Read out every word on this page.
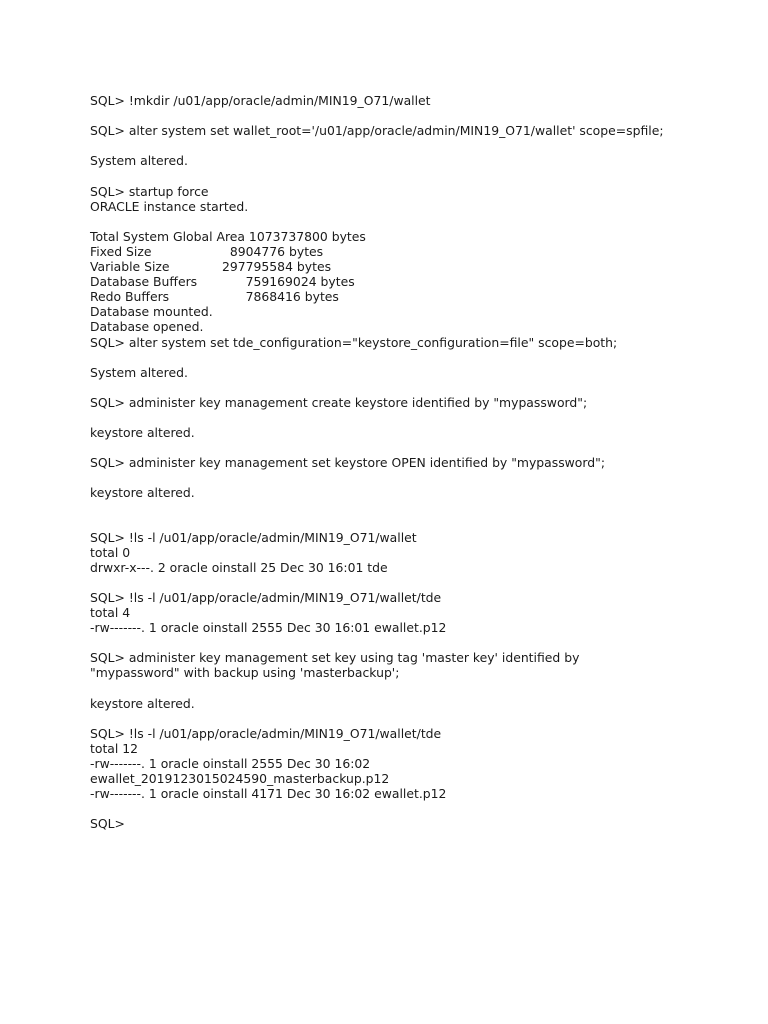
SQL> !mkdir /u01/app/oracle/admin/MIN19_O71/wallet
SQL> alter system set wallet_root='/u01/app/oracle/admin/MIN19_O71/wallet' scope=spfile;
System altered.
SQL> startup force
ORACLE instance started.
Total System Global Area 1073737800 bytes
Fixed Size	8904776 bytes
Variable Size	297795584 bytes
Database Buffers	759169024 bytes
Redo Buffers	7868416 bytes
Database mounted.
Database opened.
SQL> alter system set tde_configuration="keystore_configuration=file" scope=both;
System altered.
SQL> administer key management create keystore identified by "mypassword";
keystore altered.
SQL> administer key management set keystore OPEN identified by "mypassword";
keystore altered.
SQL> !ls -l /u01/app/oracle/admin/MIN19_O71/wallet
total 0
drwxr-x---. 2 oracle oinstall 25 Dec 30 16:01 tde
SQL> !ls -l /u01/app/oracle/admin/MIN19_O71/wallet/tde
total 4
-rw-------. 1 oracle oinstall 2555 Dec 30 16:01 ewallet.p12
SQL> administer key management set key using tag 'master key' identified by
"mypassword" with backup using 'masterbackup';
keystore altered.
SQL> !ls -l /u01/app/oracle/admin/MIN19_O71/wallet/tde
total 12
-rw-------. 1 oracle oinstall 2555 Dec 30 16:02
ewallet_2019123015024590_masterbackup.p12
-rw-------. 1 oracle oinstall 4171 Dec 30 16:02 ewallet.p12
SQL>
